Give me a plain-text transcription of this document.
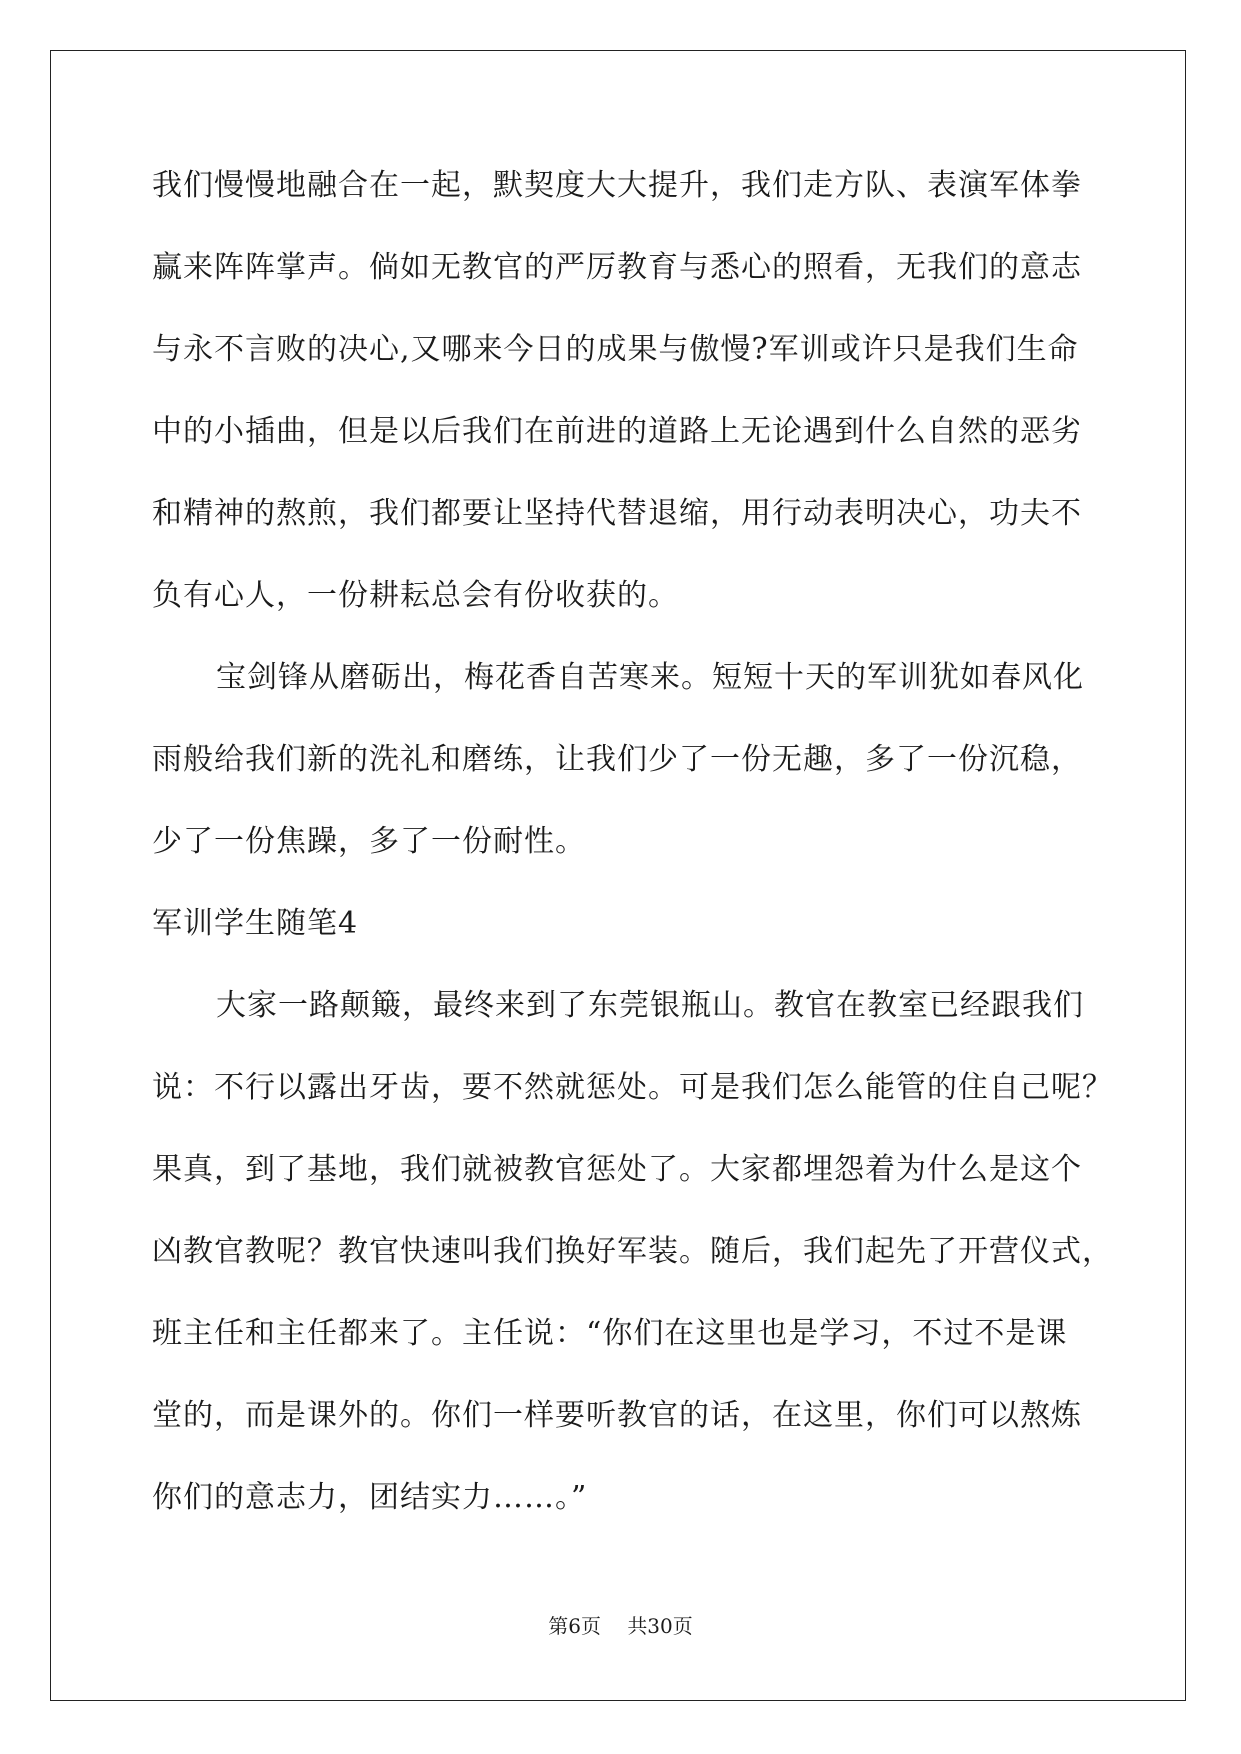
我们慢慢地融合在一起，默契度大大提升，我们走方队、表演军体拳
赢来阵阵掌声。倘如无教官的严厉教育与悉心的照看，无我们的意志
与永不言败的决心,又哪来今日的成果与傲慢?军训或许只是我们生命
中的小插曲，但是以后我们在前进的道路上无论遇到什么自然的恶劣
和精神的熬煎，我们都要让坚持代替退缩，用行动表明决心，功夫不
负有心人，一份耕耘总会有份收获的。
宝剑锋从磨砺出，梅花香自苦寒来。短短十天的军训犹如春风化
雨般给我们新的洗礼和磨练，让我们少了一份无趣，多了一份沉稳，
少了一份焦躁，多了一份耐性。
军训学生随笔4
大家一路颠簸，最终来到了东莞银瓶山。教官在教室已经跟我们
说：不行以露出牙齿，要不然就惩处。可是我们怎么能管的住自己呢？
果真，到了基地，我们就被教官惩处了。大家都埋怨着为什么是这个
凶教官教呢？教官快速叫我们换好军装。随后，我们起先了开营仪式，
班主任和主任都来了。主任说：“你们在这里也是学习，不过不是课
堂的，而是课外的。你们一样要听教官的话，在这里，你们可以熬炼
你们的意志力，团结实力……。”
第6页 共30页
